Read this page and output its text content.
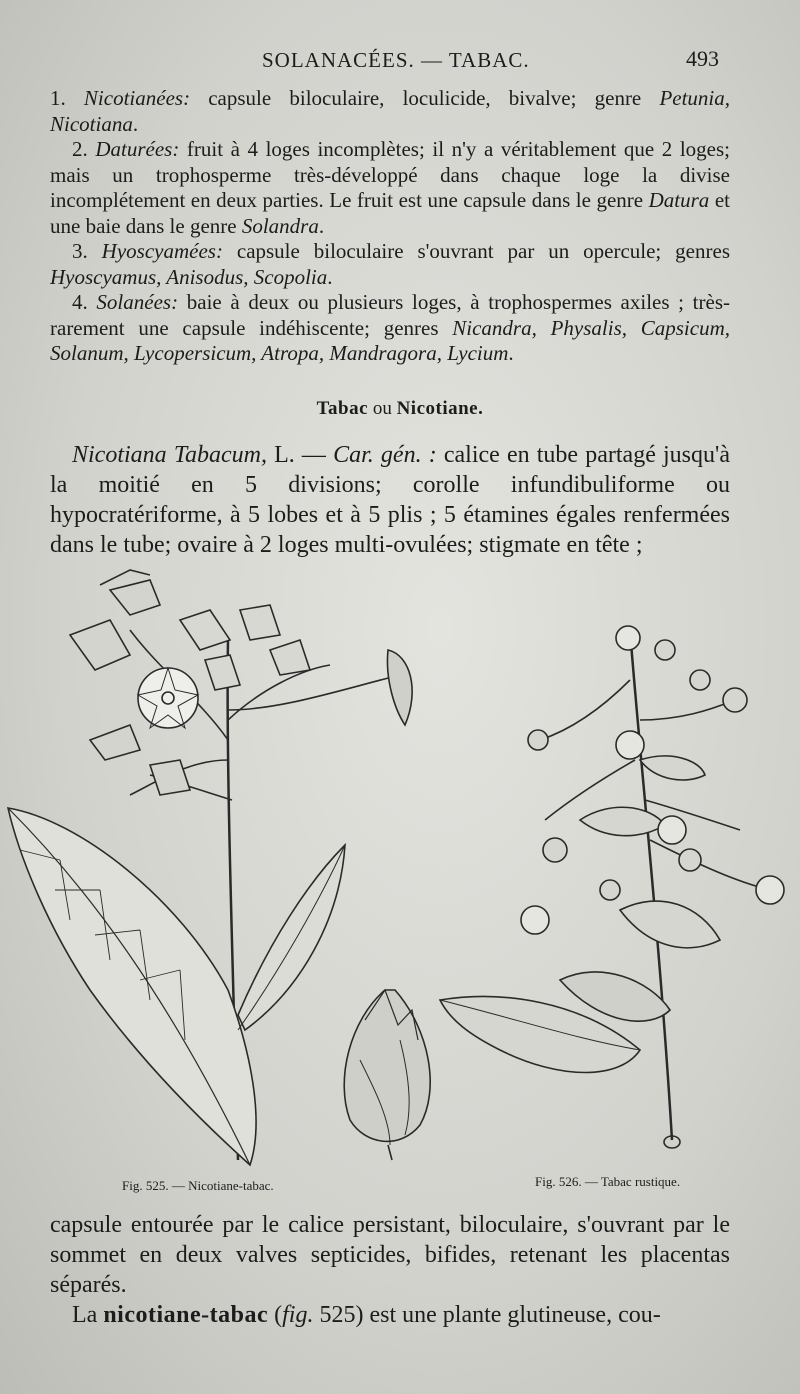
SOLANACÉES. — TABAC.	493

1. Nicotianées: capsule biloculaire, loculicide, bivalve; genre Petunia, Nicotiana.

2. Daturées: fruit à 4 loges incomplètes; il n'y a véritablement que 2 loges; mais un trophosperme très-développé dans chaque loge la divise incomplétement en deux parties. Le fruit est une capsule dans le genre Datura et une baie dans le genre Solandra.

3. Hyoscyamées: capsule biloculaire s'ouvrant par un opercule; genres Hyoscyamus, Anisodus, Scopolia.

4. Solanées: baie à deux ou plusieurs loges, à trophospermes axiles ; très-rarement une capsule indéhiscente; genres Nicandra, Physalis, Capsicum, Solanum, Lycopersicum, Atropa, Mandragora, Lycium.

Tabac ou Nicotiane.

Nicotiana Tabacum, L. — Car. gén. : calice en tube partagé jusqu'à la moitié en 5 divisions; corolle infundibuliforme ou hypocratériforme, à 5 lobes et à 5 plis ; 5 étamines égales renfermées dans le tube; ovaire à 2 loges multi-ovulées; stigmate en tête ;

Fig. 525. — Nicotiane-tabac.	Fig. 526. — Tabac rustique.

capsule entourée par le calice persistant, biloculaire, s'ouvrant par le sommet en deux valves septicides, bifides, retenant les placentas séparés.

La nicotiane-tabac (fig. 525) est une plante glutineuse, cou-
